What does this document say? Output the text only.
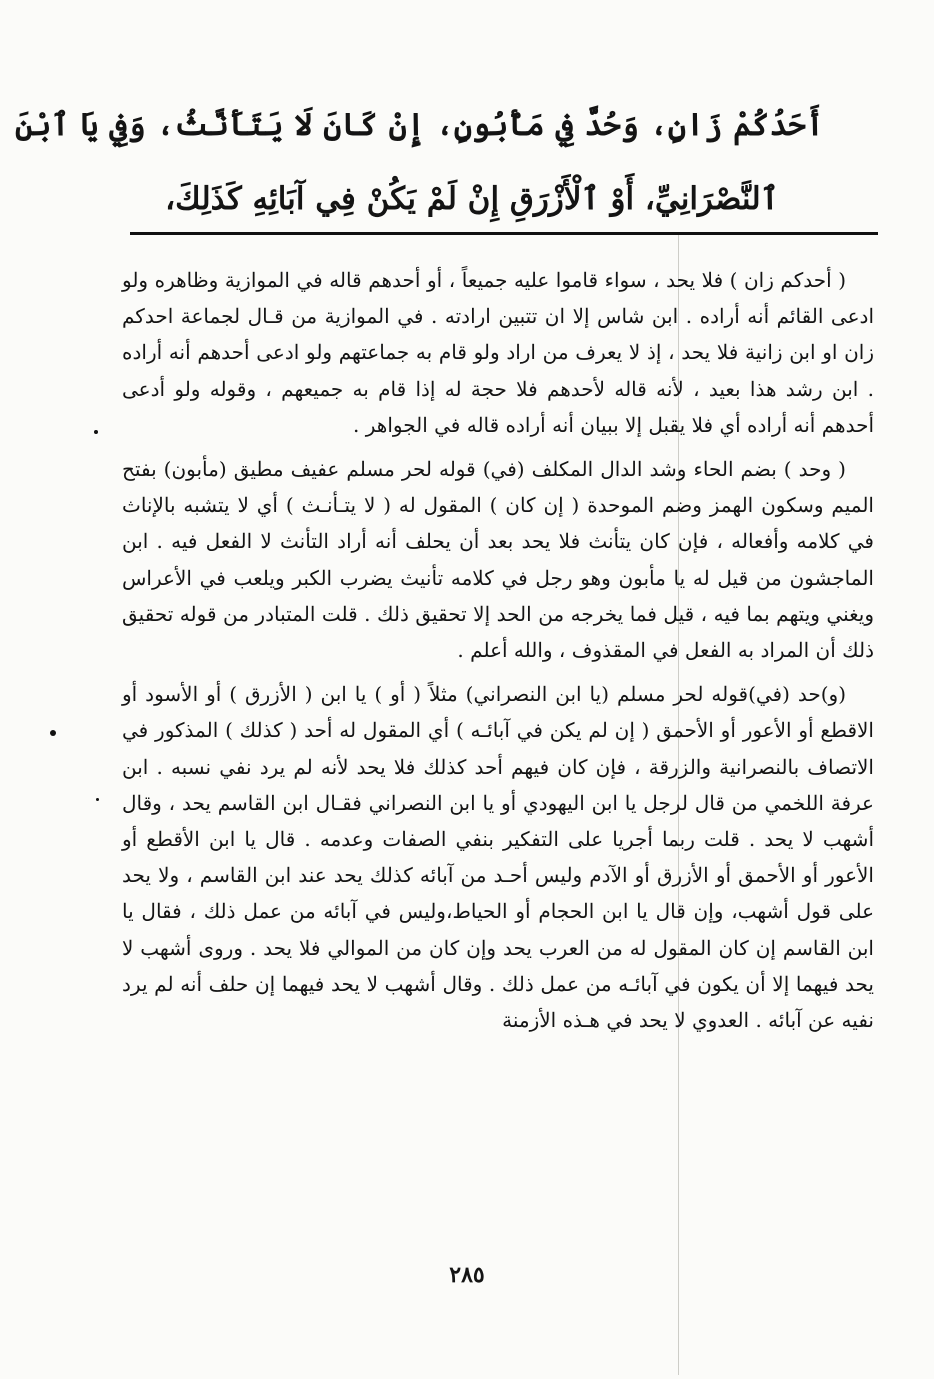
أَحَدُكُمْ زَانٍ، وَحُدَّ فِي مَأْبُونٍ، إِنْ كَانَ لَا يَتَأَنَّثُ، وَفِي يَا ٱبْنَ
ٱلنَّصْرَانِيِّ، أَوْ ٱلْأَزْرَقِ إِنْ لَمْ يَكُنْ فِي آبَائِهِ كَذَلِكَ،

( أحدكم زان ) فلا يحد ، سواء قاموا عليه جميعاً ، أو أحدهم قاله في الموازية وظاهره ولو ادعى القائم أنه أراده . ابن شاس إلا ان تتبين ارادته . في الموازية من قـال لجماعة احدكم زان او ابن زانية فلا يحد ، إذ لا يعرف من اراد ولو قام به جماعتهم ولو ادعى أحدهم أنه أراده . ابن رشد هذا بعيد ، لأنه قاله لأحدهم فلا حجة له إذا قام به جميعهم ، وقوله ولو أدعى أحدهم أنه أراده أي فلا يقبل إلا ببيان أنه أراده قاله في الجواهر .

( وحد ) بضم الحاء وشد الدال المكلف (في) قوله لحر مسلم عفيف مطيق (مأبون) بفتح الميم وسكون الهمز وضم الموحدة ( إن كان ) المقول له ( لا يتـأنـث ) أي لا يتشبه بالإناث في كلامه وأفعاله ، فإن كان يتأنث فلا يحد بعد أن يحلف أنه أراد التأنث لا الفعل فيه . ابن الماجشون من قيل له يا مأبون وهو رجل في كلامه تأنيث يضرب الكبر ويلعب في الأعراس ويغني ويتهم بما فيه ، قيل فما يخرجه من الحد إلا تحقيق ذلك . قلت المتبادر من قوله تحقيق ذلك أن المراد به الفعل في المقذوف ، والله أعلم .

(و)حد (في)قوله لحر مسلم (يا ابن النصراني) مثلاً ( أو ) يا ابن ( الأزرق ) أو الأسود أو الاقطع أو الأعور أو الأحمق ( إن لم يكن في آبائـه ) أي المقول له أحد ( كذلك ) المذكور في الاتصاف بالنصرانية والزرقة ، فإن كان فيهم أحد كذلك فلا يحد لأنه لم يرد نفي نسبه . ابن عرفة اللخمي من قال لرجل يا ابن اليهودي أو يا ابن النصراني فقـال ابن القاسم يحد ، وقال أشهب لا يحد . قلت ربما أجريا على التفكير بنفي الصفات وعدمه . قال يا ابن الأقطع أو الأعور أو الأحمق أو الأزرق أو الآدم وليس أحـد من آبائه كذلك يحد عند ابن القاسم ، ولا يحد على قول أشهب، وإن قال يا ابن الحجام أو الحياط،وليس في آبائه من عمل ذلك ، فقال يا ابن القاسم إن كان المقول له من العرب يحد وإن كان من الموالي فلا يحد . وروى أشهب لا يحد فيهما إلا أن يكون في آبائـه من عمل ذلك . وقال أشهب لا يحد فيهما إن حلف أنه لم يرد نفيه عن آبائه . العدوي لا يحد في هـذه الأزمنة

٢٨٥
